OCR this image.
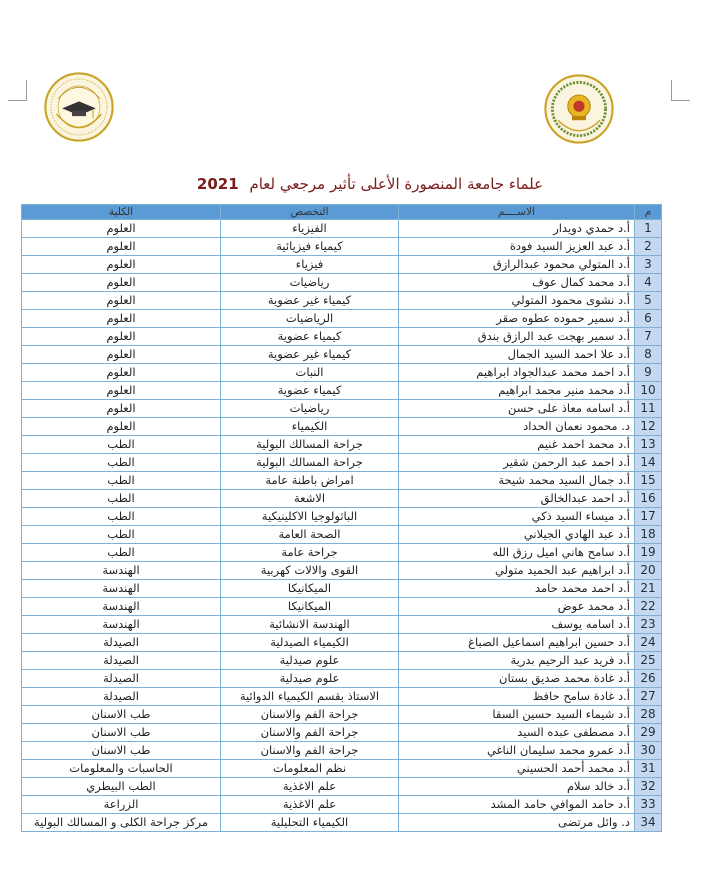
علماء جامعة المنصورة الأعلى تأثير مرجعي لعام 2021
م	الاســــم	التخصص	الكلية
1	أ.د حمدي دويدار	الفيزياء	العلوم
2	أ.د عبد العزيز السيد فودة	كيمياء فيزيائية	العلوم
3	أ.د المتولي محمود عبدالرازق	فيزياء	العلوم
4	أ.د محمد كمال عوف	رياضيات	العلوم
5	أ.د نشوى محمود المتولي	كيمياء غير عضوية	العلوم
6	أ.د سمير حموده عطوه صقر	الرياضيات	العلوم
7	أ.د سمير بهجت عبد الرازق بندق	كيمياء عضوية	العلوم
8	أ.د علا احمد السيد الجمال	كيمياء غير عضوية	العلوم
9	أ.د احمد محمد عبدالجواد ابراهيم	النبات	العلوم
10	أ.د محمد منير محمد ابراهيم	كيمياء عضوية	العلوم
11	أ.د اسامه معاذ على حسن	رياضيات	العلوم
12	د. محمود نعمان الحداد	الكيمياء	العلوم
13	أ.د محمد احمد غنيم	جراحة المسالك البولية	الطب
14	أ.د احمد عبد الرحمن شقير	جراحة المسالك البولية	الطب
15	أ.د جمال السيد محمد شيحة	امراض باطنة عامة	الطب
16	أ.د احمد عبدالخالق	الاشعة	الطب
17	أ.د ميساء السيد ذكي	الباثولوجيا الاكلينيكية	الطب
18	أ.د عبد الهادي الجيلاني	الصحة العامة	الطب
19	أ.د سامح هاني اميل رزق الله	جراحة عامة	الطب
20	أ.د ابراهيم عبد الحميد متولي	القوى والالات كهربية	الهندسة
21	أ.د احمد محمد حامد	الميكانيكا	الهندسة
22	أ.د محمد عوض	الميكانيكا	الهندسة
23	أ.د اسامه يوسف	الهندسة الانشائية	الهندسة
24	أ.د حسين ابراهيم اسماعيل الصباغ	الكيمياء الصيدلية	الصيدلة
25	أ.د فريد عبد الرحيم بدرية	علوم صيدلية	الصيدلة
26	أ.د غادة محمد صديق بستان	علوم صيدلية	الصيدلة
27	أ.د غادة سامح حافظ	الاستاذ بقسم الكيمياء الدوائية	الصيدلة
28	أ.د شيماء السيد حسين السقا	جراحة الفم والاسنان	طب الاسنان
29	أ.د مصطفى عبده السيد	جراحة الفم والاسنان	طب الاسنان
30	أ.د عمرو محمد سليمان الناغي	جراحة الفم والاسنان	طب الاسنان
31	أ.د محمد أحمد الحسيني	نظم المعلومات	الحاسبات والمعلومات
32	أ.د خالد سلام	علم الاغذية	الطب البيطري
33	أ.د حامد الموافي حامد المشد	علم الاغذية	الزراعة
34	د. وائل مرتضى	الكيمياء التحليلية	مركز جراحة الكلى و المسالك البولية
